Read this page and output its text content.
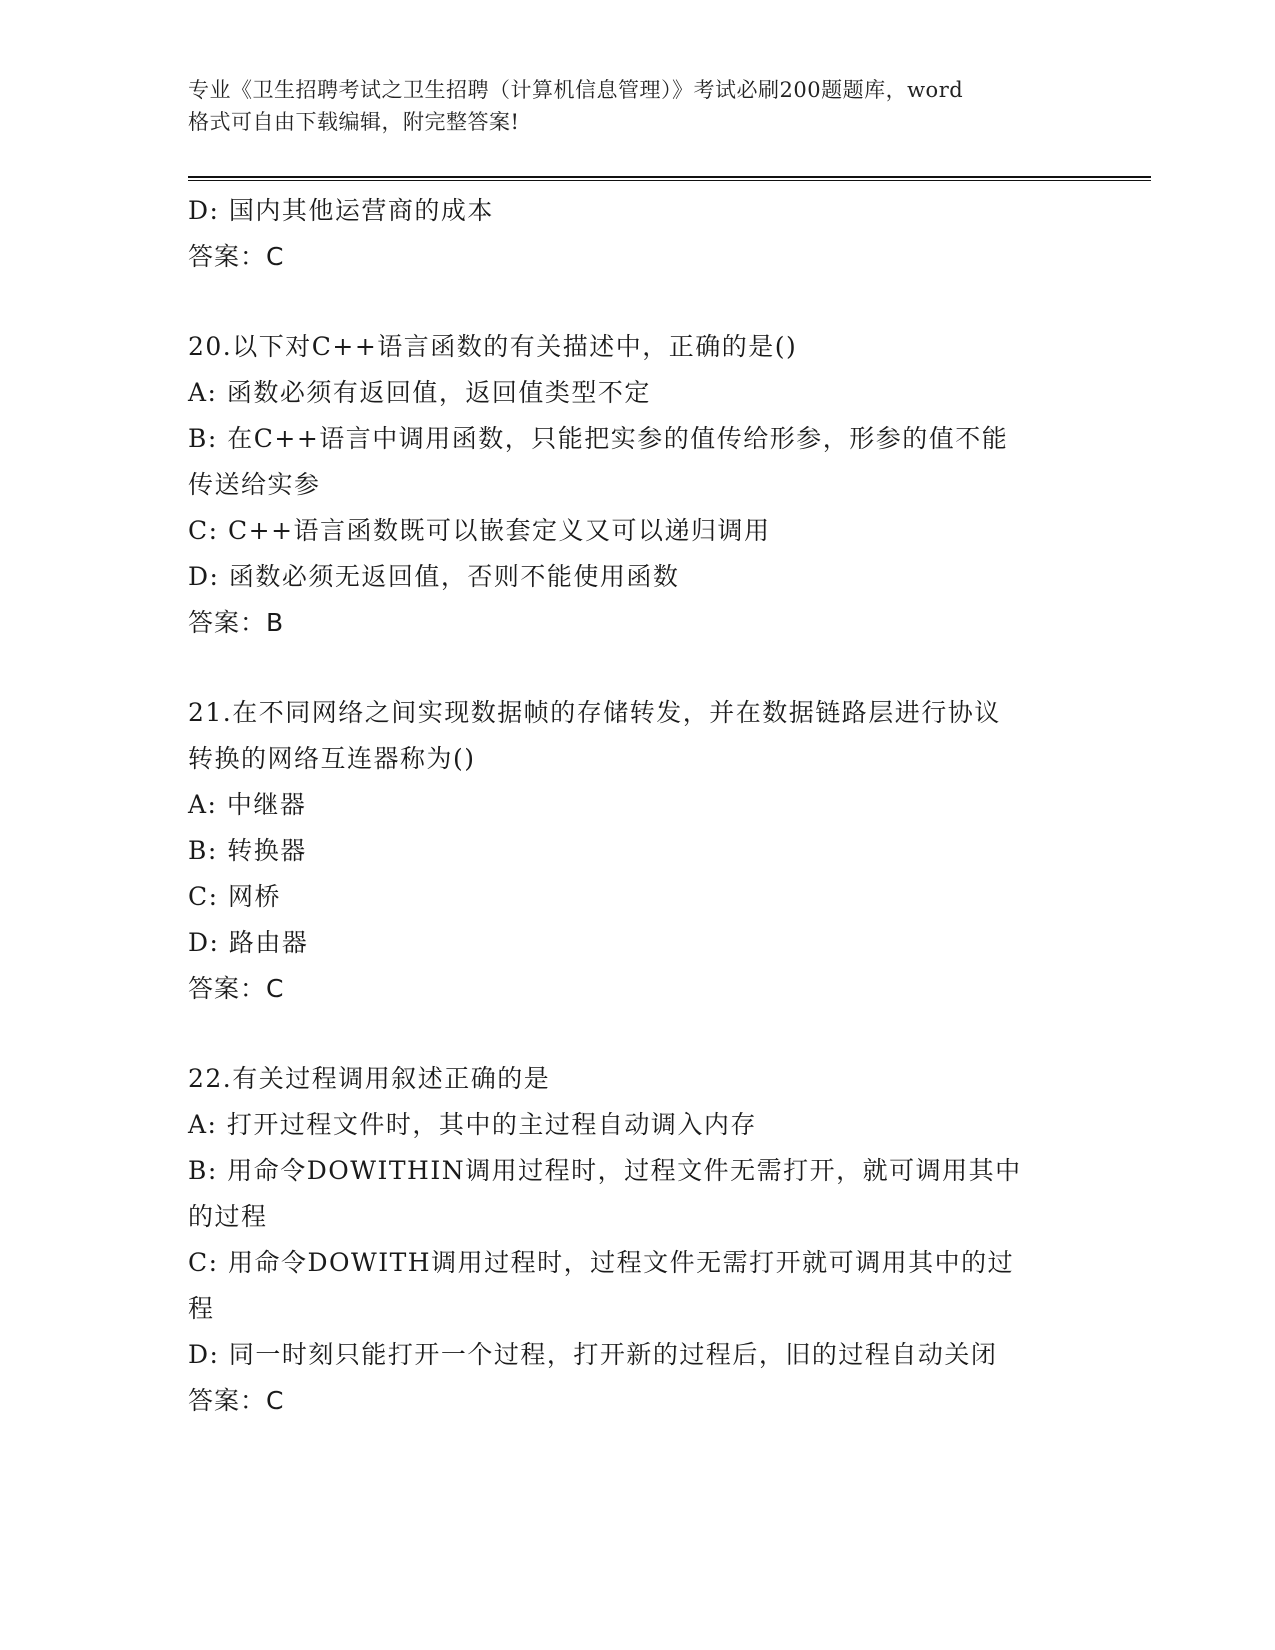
专业《卫生招聘考试之卫生招聘（计算机信息管理）》考试必刷200题题库，word
格式可自由下载编辑，附完整答案!
D: 国内其他运营商的成本
答案：C
20.以下对C++语言函数的有关描述中，正确的是()
A: 函数必须有返回值，返回值类型不定
B: 在C++语言中调用函数，只能把实参的值传给形参，形参的值不能
传送给实参
C: C++语言函数既可以嵌套定义又可以递归调用
D: 函数必须无返回值，否则不能使用函数
答案：B
21.在不同网络之间实现数据帧的存储转发，并在数据链路层进行协议
转换的网络互连器称为()
A: 中继器
B: 转换器
C: 网桥
D: 路由器
答案：C
22.有关过程调用叙述正确的是
A: 打开过程文件时，其中的主过程自动调入内存
B: 用命令DOWITHIN调用过程时，过程文件无需打开，就可调用其中
的过程
C: 用命令DOWITH调用过程时，过程文件无需打开就可调用其中的过
程
D: 同一时刻只能打开一个过程，打开新的过程后，旧的过程自动关闭
答案：C
